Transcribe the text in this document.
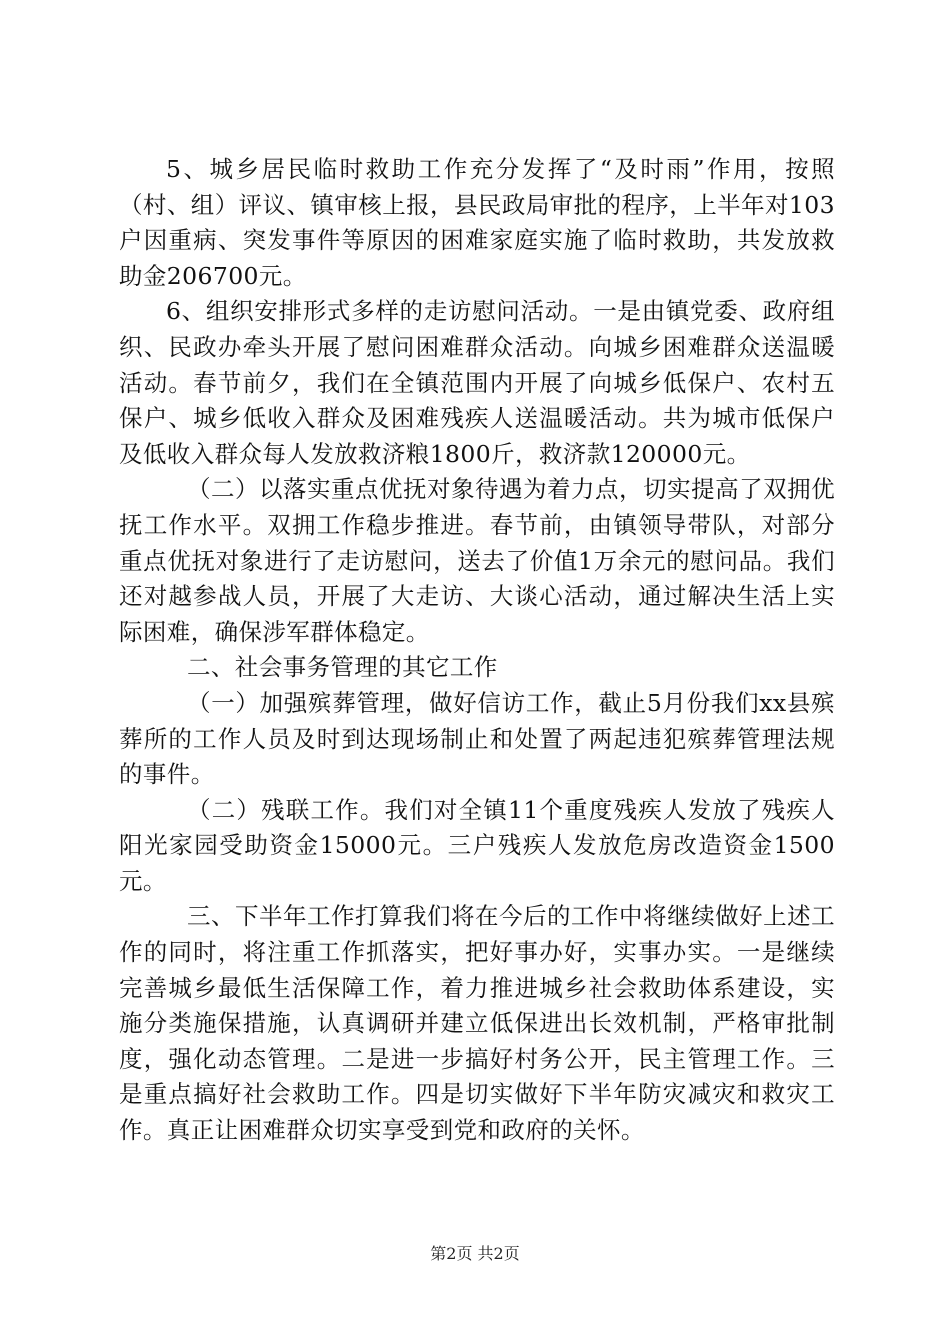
5、城乡居民临时救助工作充分发挥了“及时雨”作用，按照（村、组）评议、镇审核上报，县民政局审批的程序，上半年对103户因重病、突发事件等原因的困难家庭实施了临时救助，共发放救助金206700元。

6、组织安排形式多样的走访慰问活动。一是由镇党委、政府组织、民政办牵头开展了慰问困难群众活动。向城乡困难群众送温暖活动。春节前夕，我们在全镇范围内开展了向城乡低保户、农村五保户、城乡低收入群众及困难残疾人送温暖活动。共为城市低保户及低收入群众每人发放救济粮1800斤，救济款120000元。

（二）以落实重点优抚对象待遇为着力点，切实提高了双拥优抚工作水平。双拥工作稳步推进。春节前，由镇领导带队，对部分重点优抚对象进行了走访慰问，送去了价值1万余元的慰问品。我们还对越参战人员，开展了大走访、大谈心活动，通过解决生活上实际困难，确保涉军群体稳定。

二、社会事务管理的其它工作

（一）加强殡葬管理，做好信访工作，截止5月份我们xx县殡葬所的工作人员及时到达现场制止和处置了两起违犯殡葬管理法规的事件。

（二）残联工作。我们对全镇11个重度残疾人发放了残疾人阳光家园受助资金15000元。三户残疾人发放危房改造资金1500元。

三、下半年工作打算我们将在今后的工作中将继续做好上述工作的同时，将注重工作抓落实，把好事办好，实事办实。一是继续完善城乡最低生活保障工作，着力推进城乡社会救助体系建设，实施分类施保措施，认真调研并建立低保进出长效机制，严格审批制度，强化动态管理。二是进一步搞好村务公开，民主管理工作。三是重点搞好社会救助工作。四是切实做好下半年防灾减灾和救灾工作。真正让困难群众切实享受到党和政府的关怀。

第2页 共2页
